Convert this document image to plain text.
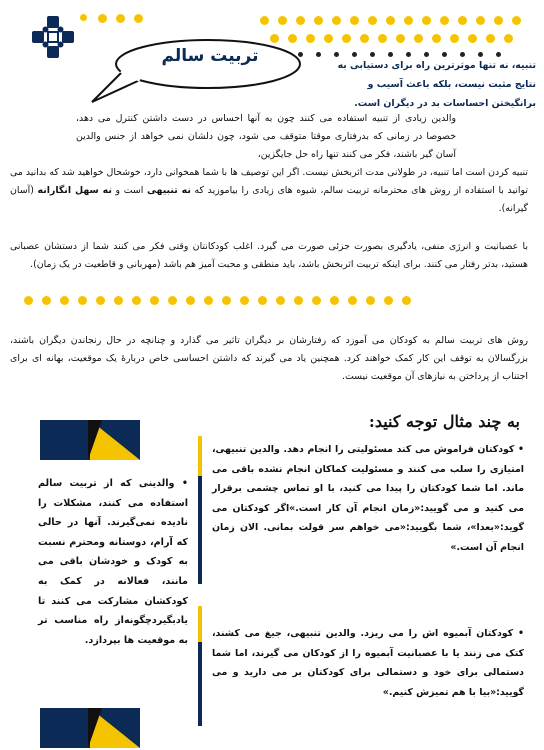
تربیت سالم	تنبیه، نه تنها موثرترین راه برای دستیابی به نتایج مثبت نیست، بلکه باعث آسیب و برانگیختن احساسات بد در دیگران است.
والدین زیادی از تنبیه استفاده می کنند چون به آنها احساس در دست داشتن کنترل می دهد، خصوصا در زمانی که بدرفتاری موقتا متوقف می شود، چون دلشان نمی خواهد از جنس والدین آسان گیر باشند، فکر می کنند تنها راه حل جایگزین،
تنبیه کردن است اما تنبیه، در طولانی مدت اثربخش نیست. اگر این توصیف ها با شما همخوانی دارد، خوشحال خواهید شد که بدانید می توانید با استفاده از روش های محترمانه تربیت سالم، شیوه های زیادی را بیاموزید که نه تنبیهی است و نه سهل انگارانه (آسان گیرانه).
با عصبانیت و انرژی منفی، یادگیری بصورت جزئی صورت می گیرد. اغلب کودکانتان وقتی فکر می کنند شما از دستشان عصبانی هستید، بدتر رفتار می کنند. برای اینکه تربیت اثربخش باشد، باید منطقی و محبت آمیز هم باشد (مهربانی و قاطعیت در یک زمان).
روش های تربیت سالم به کودکان می آموزد که رفتارشان بر دیگران تاثیر می گذارد و چنانچه در حال رنجاندن دیگران باشند، بزرگسالان به توقف این کار کمک خواهند کرد. همچنین یاد می گیرند که داشتن احساسی خاص درباره‌ٔ یک موقعیت، بهانه ای برای اجتناب از پرداختن به نیازهای آن موقعیت نیست.
به چند مثال توجه کنید:
• والدینی که از تربیت سالم استفاده می کنند، مشکلات را نادیده نمی‌گیرند. آنها در حالی که آرام، دوستانه ومحترم نسبت به کودک و خودشان باقی می مانند، فعالانه در کمک به کودکشان مشارکت می کنند تا یادبگیردچگونه‌از راه مناسب تر به موقعیت ها بپردازد.
• کودکتان فراموش می کند مسئولیتی را انجام دهد. والدین تنبیهی، امتیازی را سلب می کنند و مسئولیت کماکان انجام نشده باقی می ماند. اما شما کودکتان را پیدا می کنید، با او تماس چشمی برقرار می کنید و می گویید:«زمان انجام آن کار است.»اگر کودکتان می گوید:«بعدا»، شما بگویید:«می خواهم سر قولت بمانی. الان زمان انجام آن است.»
• کودکتان آبمیوه اش را می ریزد. والدین تنبیهی، جیغ می کشند، کتک می زنند یا با عصبانیت آبمیوه را از کودکان می گیرند، اما شما دستمالی برای خود و دستمالی برای کودکتان بر می دارید و می گویید:«بیا با هم تمیزش کنیم.»
